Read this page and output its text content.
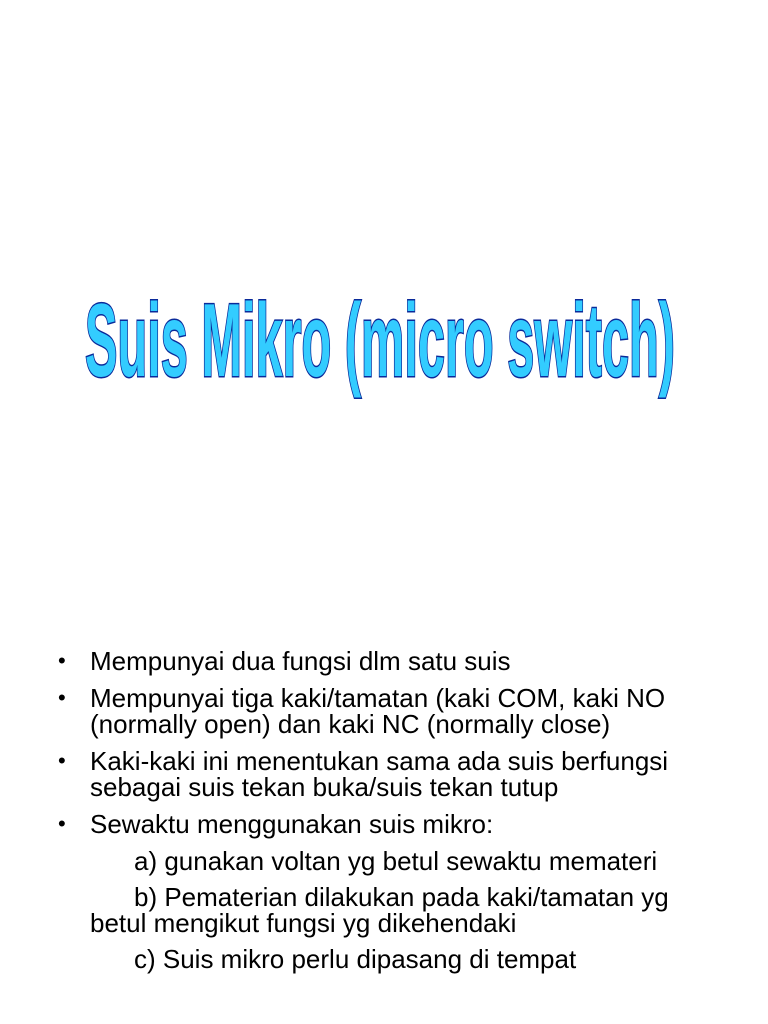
Suis Mikro (micro switch)
• Mempunyai dua fungsi dlm satu suis
• Mempunyai tiga kaki/tamatan (kaki COM, kaki NO (normally open) dan kaki NC (normally close)
• Kaki-kaki ini menentukan sama ada suis berfungsi sebagai suis tekan buka/suis tekan tutup
• Sewaktu menggunakan suis mikro:
a) gunakan voltan yg betul sewaktu mematerі
b) Pematerian dilakukan pada kaki/tamatan yg betul mengikut fungsi yg dikehendaki
c) Suis mikro perlu dipasang di tempat
